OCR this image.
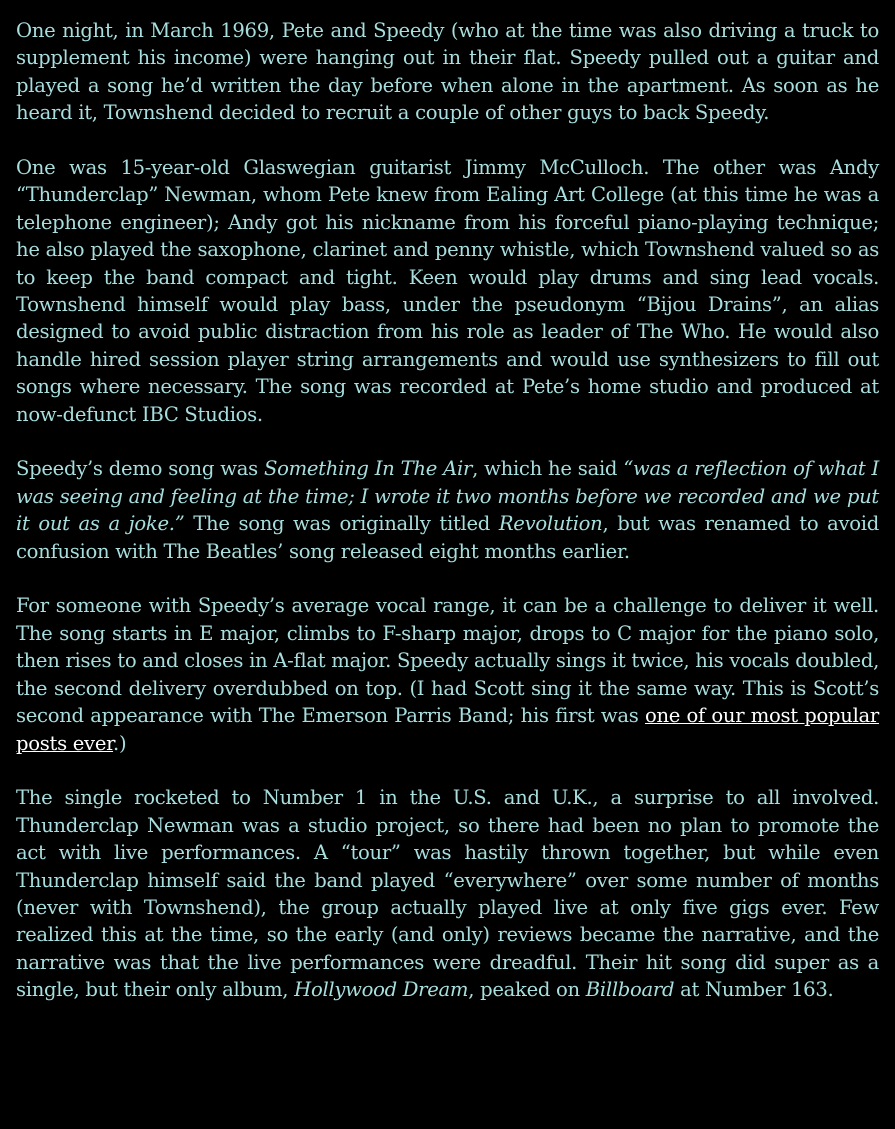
One night, in March 1969, Pete and Speedy (who at the time was also driving a truck to supplement his income) were hanging out in their flat. Speedy pulled out a guitar and played a song he’d written the day before when alone in the apartment. As soon as he heard it, Townshend decided to recruit a couple of other guys to back Speedy.

One was 15-year-old Glaswegian guitarist Jimmy McCulloch. The other was Andy “Thunderclap” Newman, whom Pete knew from Ealing Art College (at this time he was a telephone engineer); Andy got his nickname from his forceful piano-playing technique; he also played the saxophone, clarinet and penny whistle, which Townshend valued so as to keep the band compact and tight. Keen would play drums and sing lead vocals. Townshend himself would play bass, under the pseudonym “Bijou Drains”, an alias designed to avoid public distraction from his role as leader of The Who. He would also handle hired session player string arrangements and would use synthesizers to fill out songs where necessary. The song was recorded at Pete’s home studio and produced at now-defunct IBC Studios.

Speedy’s demo song was Something In The Air, which he said “was a reflection of what I was seeing and feeling at the time; I wrote it two months before we recorded and we put it out as a joke.” The song was originally titled Revolution, but was renamed to avoid confusion with The Beatles’ song released eight months earlier.

For someone with Speedy’s average vocal range, it can be a challenge to deliver it well. The song starts in E major, climbs to F-sharp major, drops to C major for the piano solo, then rises to and closes in A-flat major. Speedy actually sings it twice, his vocals doubled, the second delivery overdubbed on top. (I had Scott sing it the same way. This is Scott’s second appearance with The Emerson Parris Band; his first was one of our most popular posts ever.)

The single rocketed to Number 1 in the U.S. and U.K., a surprise to all involved. Thunderclap Newman was a studio project, so there had been no plan to promote the act with live performances. A “tour” was hastily thrown together, but while even Thunderclap himself said the band played “everywhere” over some number of months (never with Townshend), the group actually played live at only five gigs ever. Few realized this at the time, so the early (and only) reviews became the narrative, and the narrative was that the live performances were dreadful. Their hit song did super as a single, but their only album, Hollywood Dream, peaked on Billboard at Number 163.
